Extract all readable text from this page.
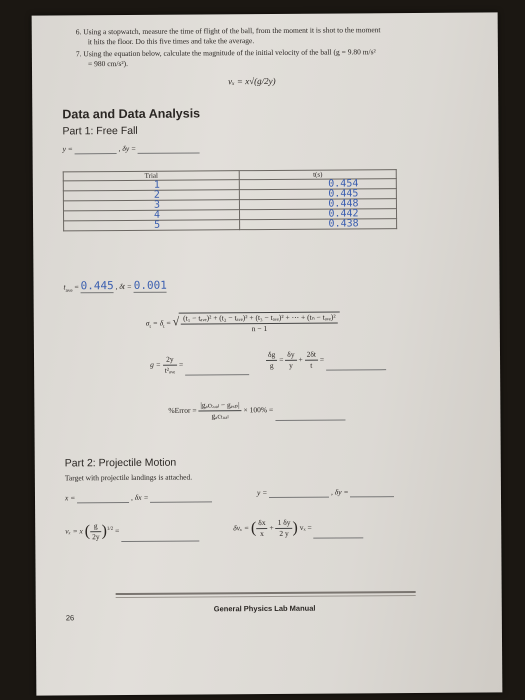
6. Using a stopwatch, measure the time of flight of the ball, from the moment it is shot to the moment
it hits the floor. Do this five times and take the average.
7. Using the equation below, calculate the magnitude of the initial velocity of the ball (g = 9.80 m/s²
= 980 cm/s²).
vₓ = x√(g/2y)
Data and Data Analysis
Part 1: Free Fall
y =	, δy =
Trial	t(s)
1	0.454
2	0.445
3	0.448
4	0.442
5	0.438
$t_{ave} = 0.445$ , δt = 0.001
$\sigma_t = \delta_t$ = √ (t₁ − tₐᵥₑ)² + (t₂ − tₐᵥₑ)² + (t₃ − tₐᵥₑ)² + ⋯ + (tₙ − tₐᵥₑ)²
n − 1
$g = \frac{2y}{\text{t²ₐᵥₑ}}$ =	$\frac{\delta g}{g} = \frac{\delta y}{y} + \frac{2\delta t}{t}$ =
%Error = $\frac{\text{|gₐcₜᵤₐₗ − gₑₓₚ|}}{\text{gₐcₜᵤₐₗ}} \times 100\%$ =
Part 2: Projectile Motion
Target with projectile landings is attached.
x =	, δx =
y =	, δy =
vₓ = x ( $\frac{g}{2y} )^{1/2}$ =	δvₓ = ( $\frac{\delta x}{x} + \frac{1 \delta y}{2 y}$ ) vₓ =
26
General Physics Lab Manual
